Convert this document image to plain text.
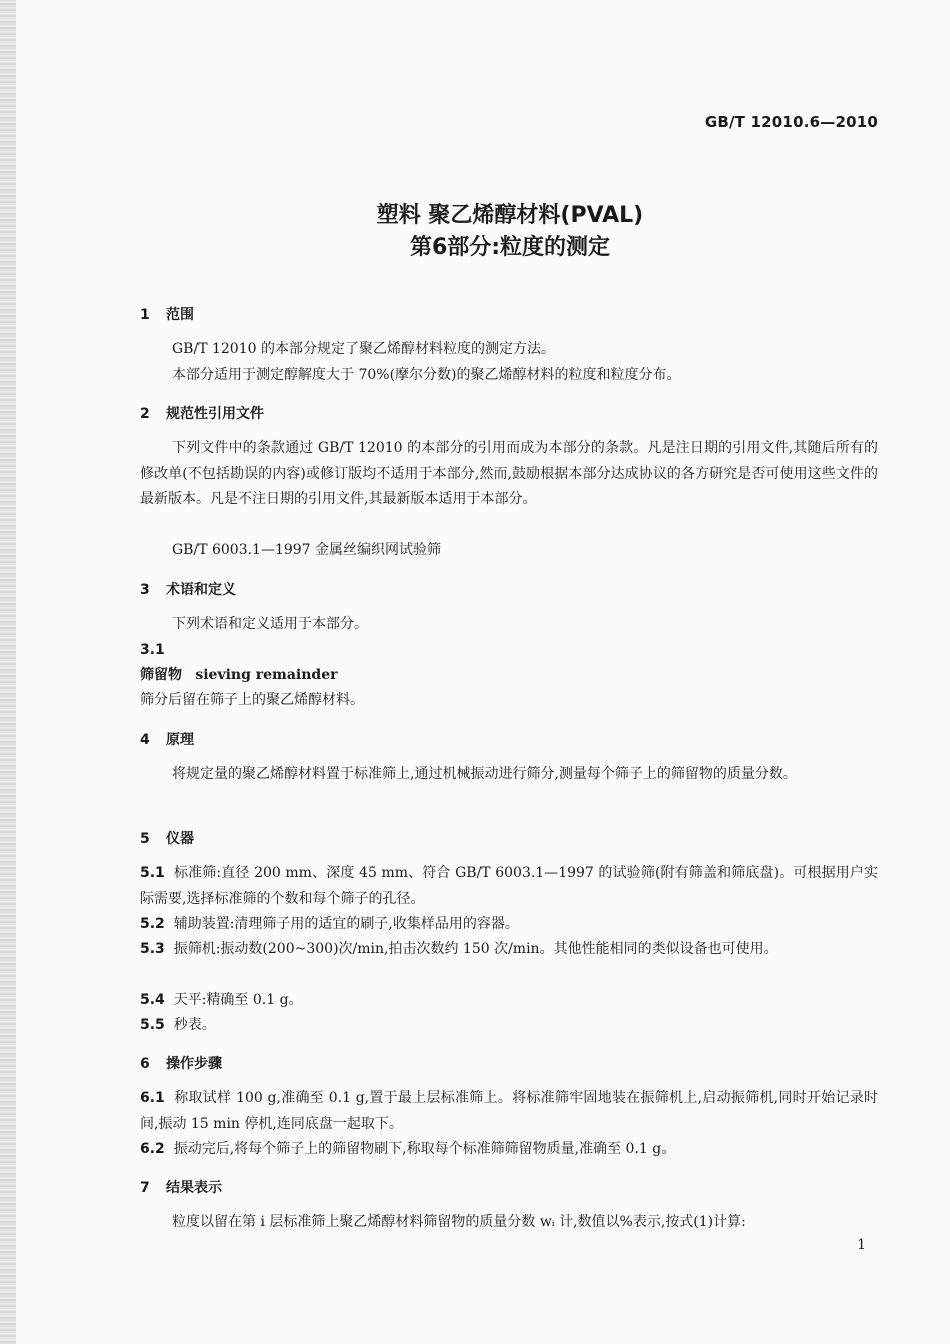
GB/T 12010.6—2010
塑料 聚乙烯醇材料(PVAL)
第6部分:粒度的测定
1 范围
GB/T 12010 的本部分规定了聚乙烯醇材料粒度的测定方法。
本部分适用于测定醇解度大于 70%(摩尔分数)的聚乙烯醇材料的粒度和粒度分布。
2 规范性引用文件
下列文件中的条款通过 GB/T 12010 的本部分的引用而成为本部分的条款。凡是注日期的引用文件,其随后所有的修改单(不包括勘误的内容)或修订版均不适用于本部分,然而,鼓励根据本部分达成协议的各方研究是否可使用这些文件的最新版本。凡是不注日期的引用文件,其最新版本适用于本部分。
GB/T 6003.1—1997 金属丝编织网试验筛
3 术语和定义
下列术语和定义适用于本部分。
3.1
筛留物 sieving remainder
筛分后留在筛子上的聚乙烯醇材料。
4 原理
将规定量的聚乙烯醇材料置于标准筛上,通过机械振动进行筛分,测量每个筛子上的筛留物的质量分数。
5 仪器
5.1 标准筛:直径 200 mm、深度 45 mm、符合 GB/T 6003.1—1997 的试验筛(附有筛盖和筛底盘)。可根据用户实际需要,选择标准筛的个数和每个筛子的孔径。
5.2 辅助装置:清理筛子用的适宜的刷子,收集样品用的容器。
5.3 振筛机:振动数(200~300)次/min,拍击次数约 150 次/min。其他性能相同的类似设备也可使用。
5.4 天平:精确至 0.1 g。
5.5 秒表。
6 操作步骤
6.1 称取试样 100 g,准确至 0.1 g,置于最上层标准筛上。将标准筛牢固地装在振筛机上,启动振筛机,同时开始记录时间,振动 15 min 停机,连同底盘一起取下。
6.2 振动完后,将每个筛子上的筛留物刷下,称取每个标准筛筛留物质量,准确至 0.1 g。
7 结果表示
粒度以留在第 i 层标准筛上聚乙烯醇材料筛留物的质量分数 wᵢ 计,数值以%表示,按式(1)计算:
1
